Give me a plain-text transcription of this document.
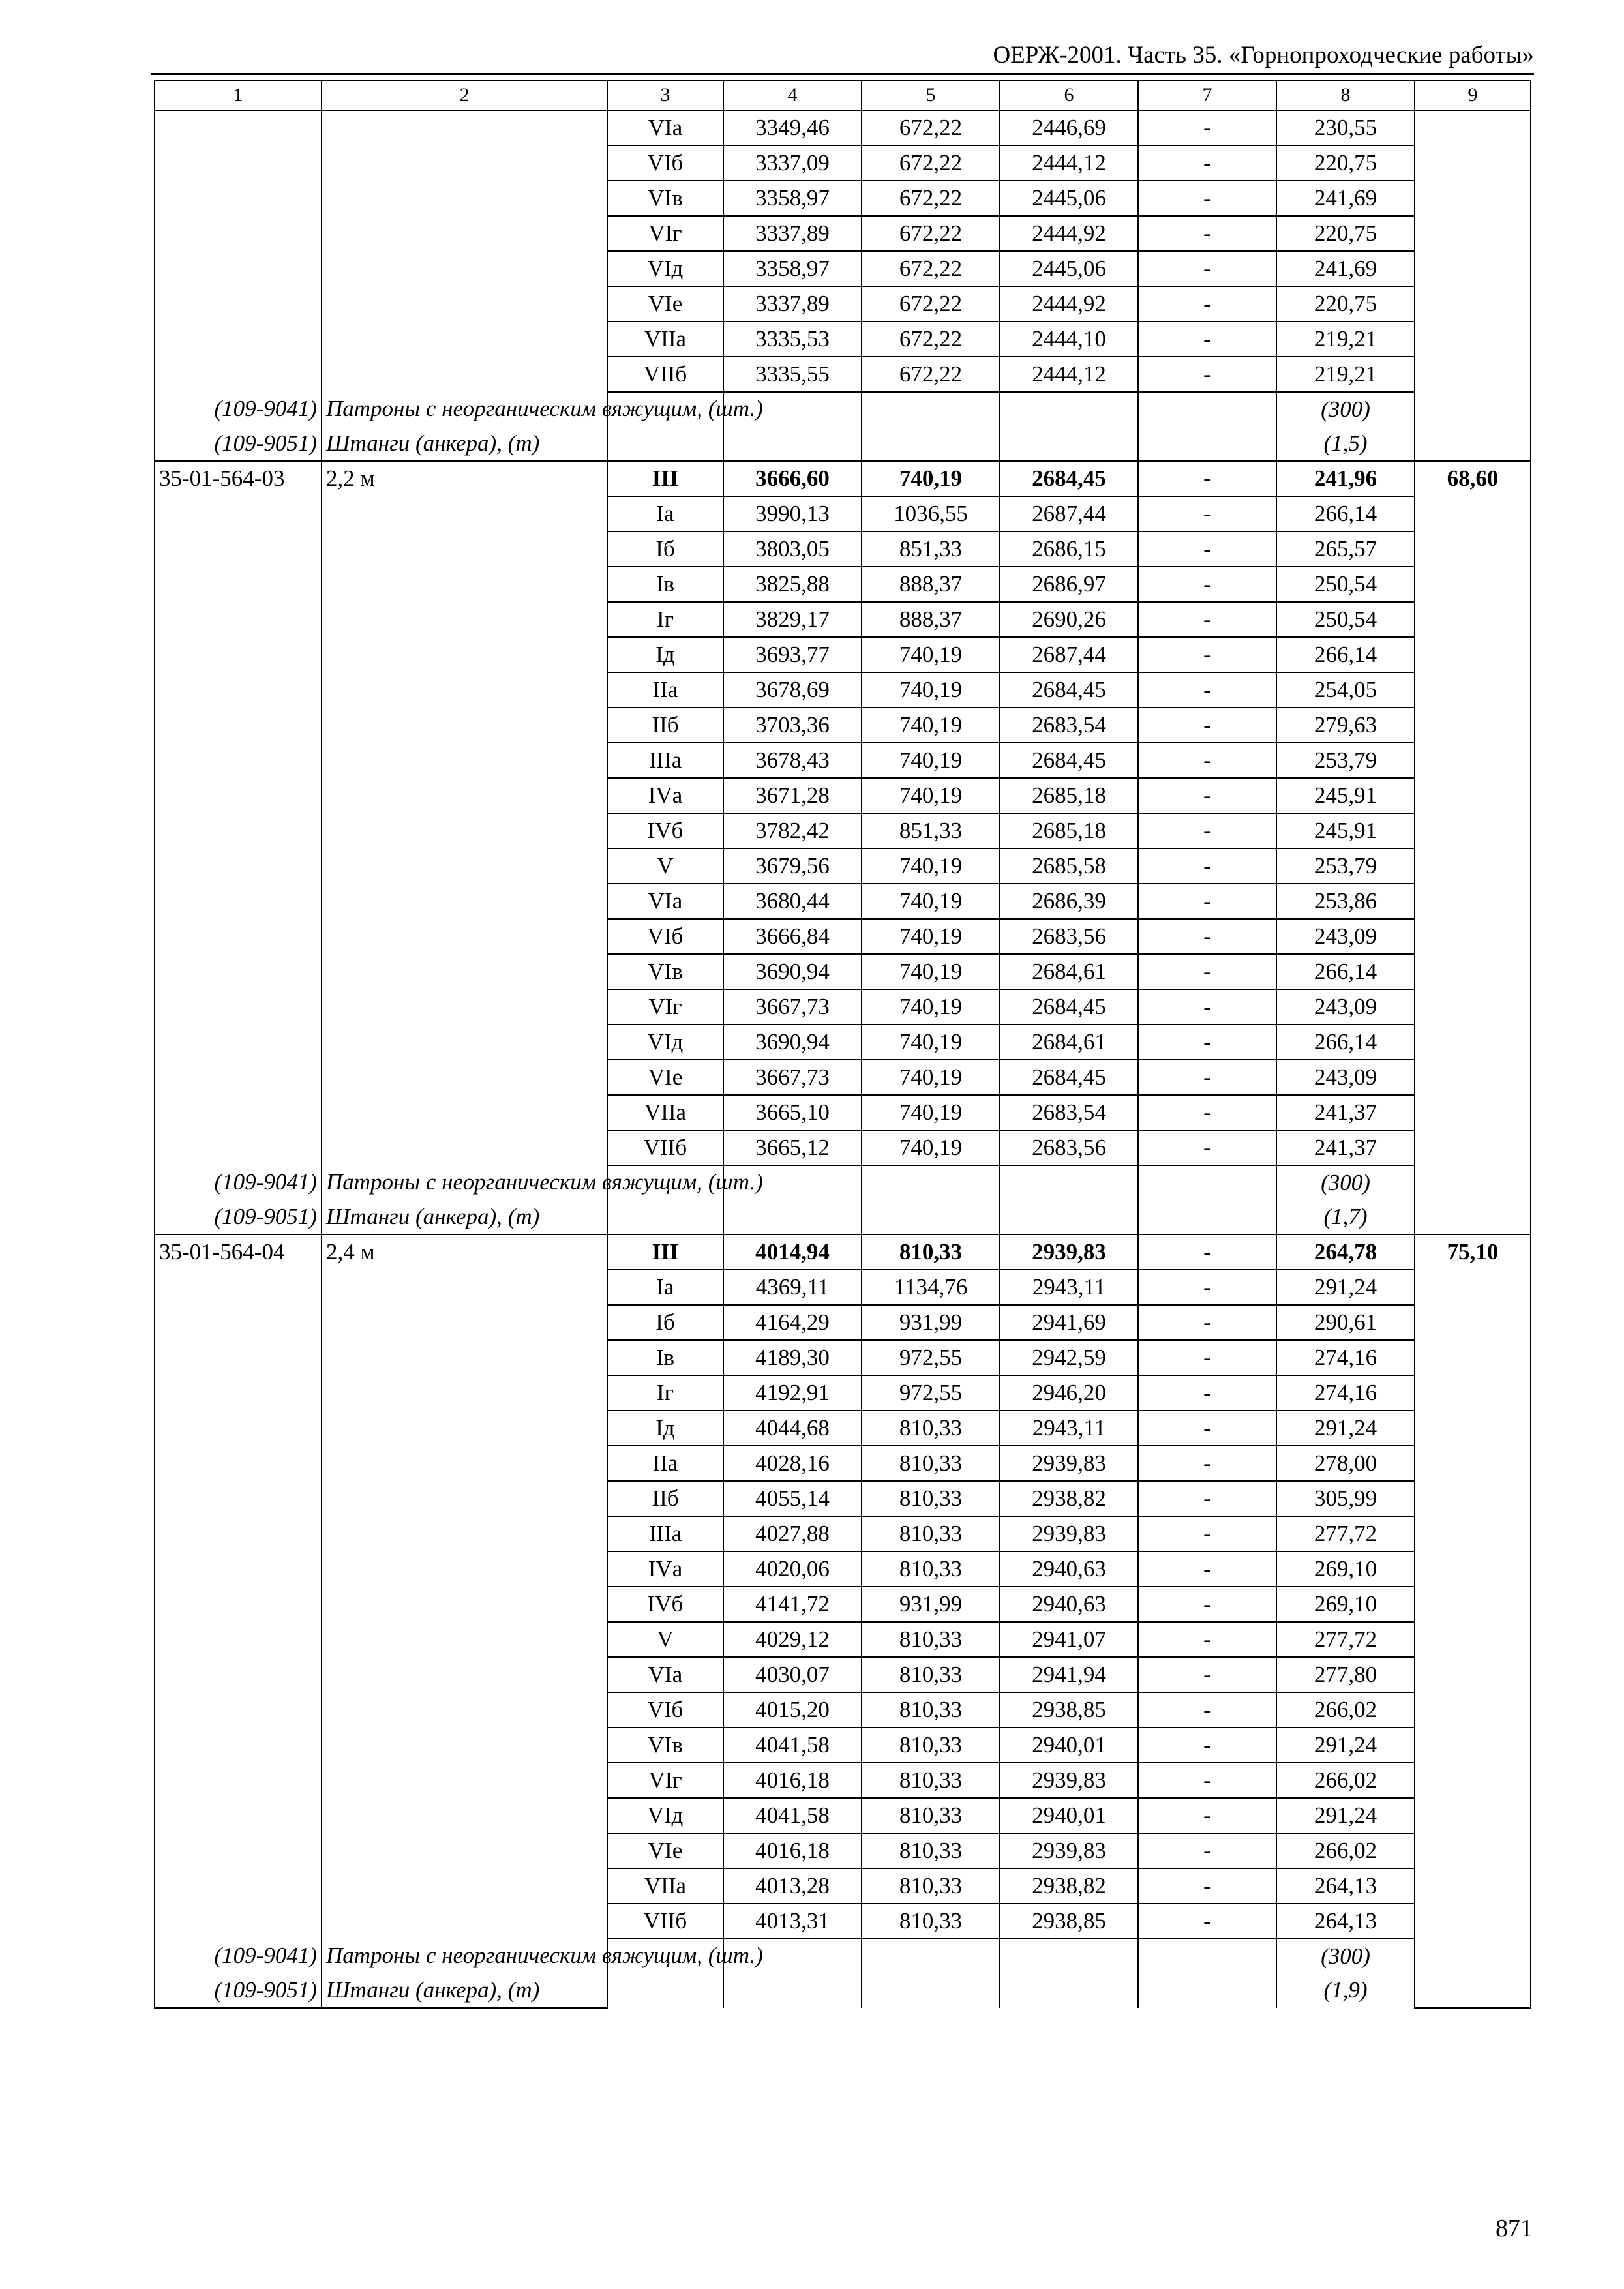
ОЕРЖ-2001. Часть 35. «Горнопроходческие работы»
1	2	3	4	5	6	7	8	9
		VIа	3349,46	672,22	2446,69	-	230,55	
		VIб	3337,09	672,22	2444,12	-	220,75	
		VIв	3358,97	672,22	2445,06	-	241,69	
		VIг	3337,89	672,22	2444,92	-	220,75	
		VIд	3358,97	672,22	2445,06	-	241,69	
		VIе	3337,89	672,22	2444,92	-	220,75	
		VIIа	3335,53	672,22	2444,10	-	219,21	
		VIIб	3335,55	672,22	2444,12	-	219,21	
(109-9041)	Патроны с неорганическим вяжущим, (шт.)						(300)	
(109-9051)	Штанги (анкера), (т)						(1,5)	
35-01-564-03	2,2 м	III	3666,60	740,19	2684,45	-	241,96	68,60
		Iа	3990,13	1036,55	2687,44	-	266,14	
		Iб	3803,05	851,33	2686,15	-	265,57	
		Iв	3825,88	888,37	2686,97	-	250,54	
		Iг	3829,17	888,37	2690,26	-	250,54	
		Iд	3693,77	740,19	2687,44	-	266,14	
		IIа	3678,69	740,19	2684,45	-	254,05	
		IIб	3703,36	740,19	2683,54	-	279,63	
		IIIа	3678,43	740,19	2684,45	-	253,79	
		IVа	3671,28	740,19	2685,18	-	245,91	
		IVб	3782,42	851,33	2685,18	-	245,91	
		V	3679,56	740,19	2685,58	-	253,79	
		VIа	3680,44	740,19	2686,39	-	253,86	
		VIб	3666,84	740,19	2683,56	-	243,09	
		VIв	3690,94	740,19	2684,61	-	266,14	
		VIг	3667,73	740,19	2684,45	-	243,09	
		VIд	3690,94	740,19	2684,61	-	266,14	
		VIе	3667,73	740,19	2684,45	-	243,09	
		VIIа	3665,10	740,19	2683,54	-	241,37	
		VIIб	3665,12	740,19	2683,56	-	241,37	
(109-9041)	Патроны с неорганическим вяжущим, (шт.)						(300)	
(109-9051)	Штанги (анкера), (т)						(1,7)	
35-01-564-04	2,4 м	III	4014,94	810,33	2939,83	-	264,78	75,10
		Iа	4369,11	1134,76	2943,11	-	291,24	
		Iб	4164,29	931,99	2941,69	-	290,61	
		Iв	4189,30	972,55	2942,59	-	274,16	
		Iг	4192,91	972,55	2946,20	-	274,16	
		Iд	4044,68	810,33	2943,11	-	291,24	
		IIа	4028,16	810,33	2939,83	-	278,00	
		IIб	4055,14	810,33	2938,82	-	305,99	
		IIIа	4027,88	810,33	2939,83	-	277,72	
		IVа	4020,06	810,33	2940,63	-	269,10	
		IVб	4141,72	931,99	2940,63	-	269,10	
		V	4029,12	810,33	2941,07	-	277,72	
		VIа	4030,07	810,33	2941,94	-	277,80	
		VIб	4015,20	810,33	2938,85	-	266,02	
		VIв	4041,58	810,33	2940,01	-	291,24	
		VIг	4016,18	810,33	2939,83	-	266,02	
		VIд	4041,58	810,33	2940,01	-	291,24	
		VIе	4016,18	810,33	2939,83	-	266,02	
		VIIа	4013,28	810,33	2938,82	-	264,13	
		VIIб	4013,31	810,33	2938,85	-	264,13	
(109-9041)	Патроны с неорганическим вяжущим, (шт.)						(300)	
(109-9051)	Штанги (анкера), (т)						(1,9)	
871
